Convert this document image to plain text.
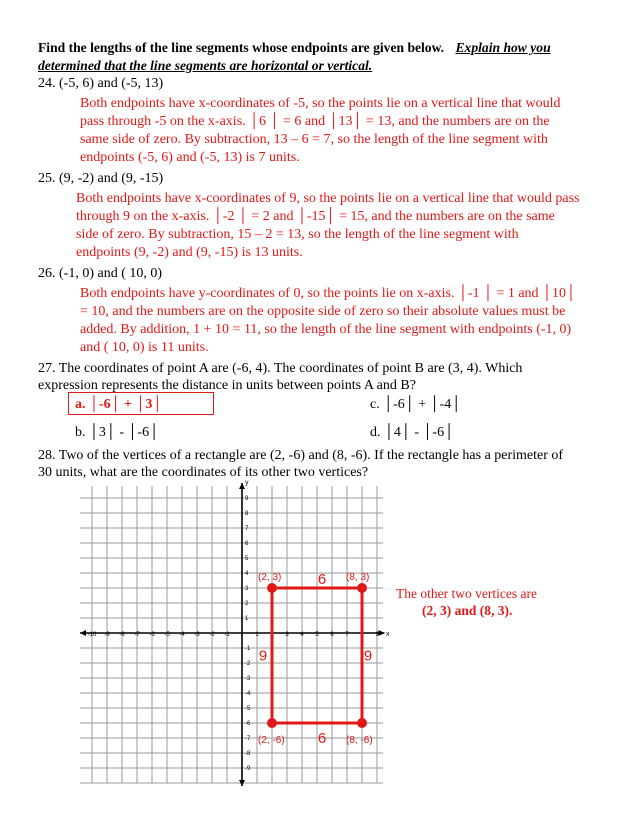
Find the lengths of the line segments whose endpoints are given below. Explain how you
determined that the line segments are horizontal or vertical.
24. (-5, 6) and (-5, 13)
Both endpoints have x-coordinates of -5, so the points lie on a vertical line that would
pass through -5 on the x-axis. │6 │ = 6 and │13│ = 13, and the numbers are on the
same side of zero. By subtraction, 13 – 6 = 7, so the length of the line segment with
endpoints (-5, 6) and (-5, 13) is 7 units.
25. (9, -2) and (9, -15)
Both endpoints have x-coordinates of 9, so the points lie on a vertical line that would pass
through 9 on the x-axis. │-2 │ = 2 and │-15│ = 15, and the numbers are on the same
side of zero. By subtraction, 15 – 2 = 13, so the length of the line segment with
endpoints (9, -2) and (9, -15) is 13 units.
26. (-1, 0) and ( 10, 0)
Both endpoints have y-coordinates of 0, so the points lie on x-axis. │-1 │ = 1 and │10│
= 10, and the numbers are on the opposite side of zero so their absolute values must be
added. By addition, 1 + 10 = 11, so the length of the line segment with endpoints (-1, 0)
and ( 10, 0) is 11 units.
27. The coordinates of point A are (-6, 4). The coordinates of point B are (3, 4). Which
expression represents the distance in units between points A and B?
a. │-6│ + │3│
b. │3│ - │-6│
c. │-6│ + │-4│
d. │4│ - │-6│
28. Two of the vertices of a rectangle are (2, -6) and (8, -6). If the rectangle has a perimeter of
30 units, what are the coordinates of its other two vertices?
The other two vertices are
(2, 3) and (8, 3).
x
y
-10 -9 -8 -7 -6 -5 -4 -3 -2 -1	1 2 3 4 5 6 7 8 9
9
8
7
6
5
4
3
2
1
-1
-2
-3
-4
-5
-6
-7
-8
-9
(2, 3)	(8, 3)
(2, -6)	(8, -6)
6
6
9	9
